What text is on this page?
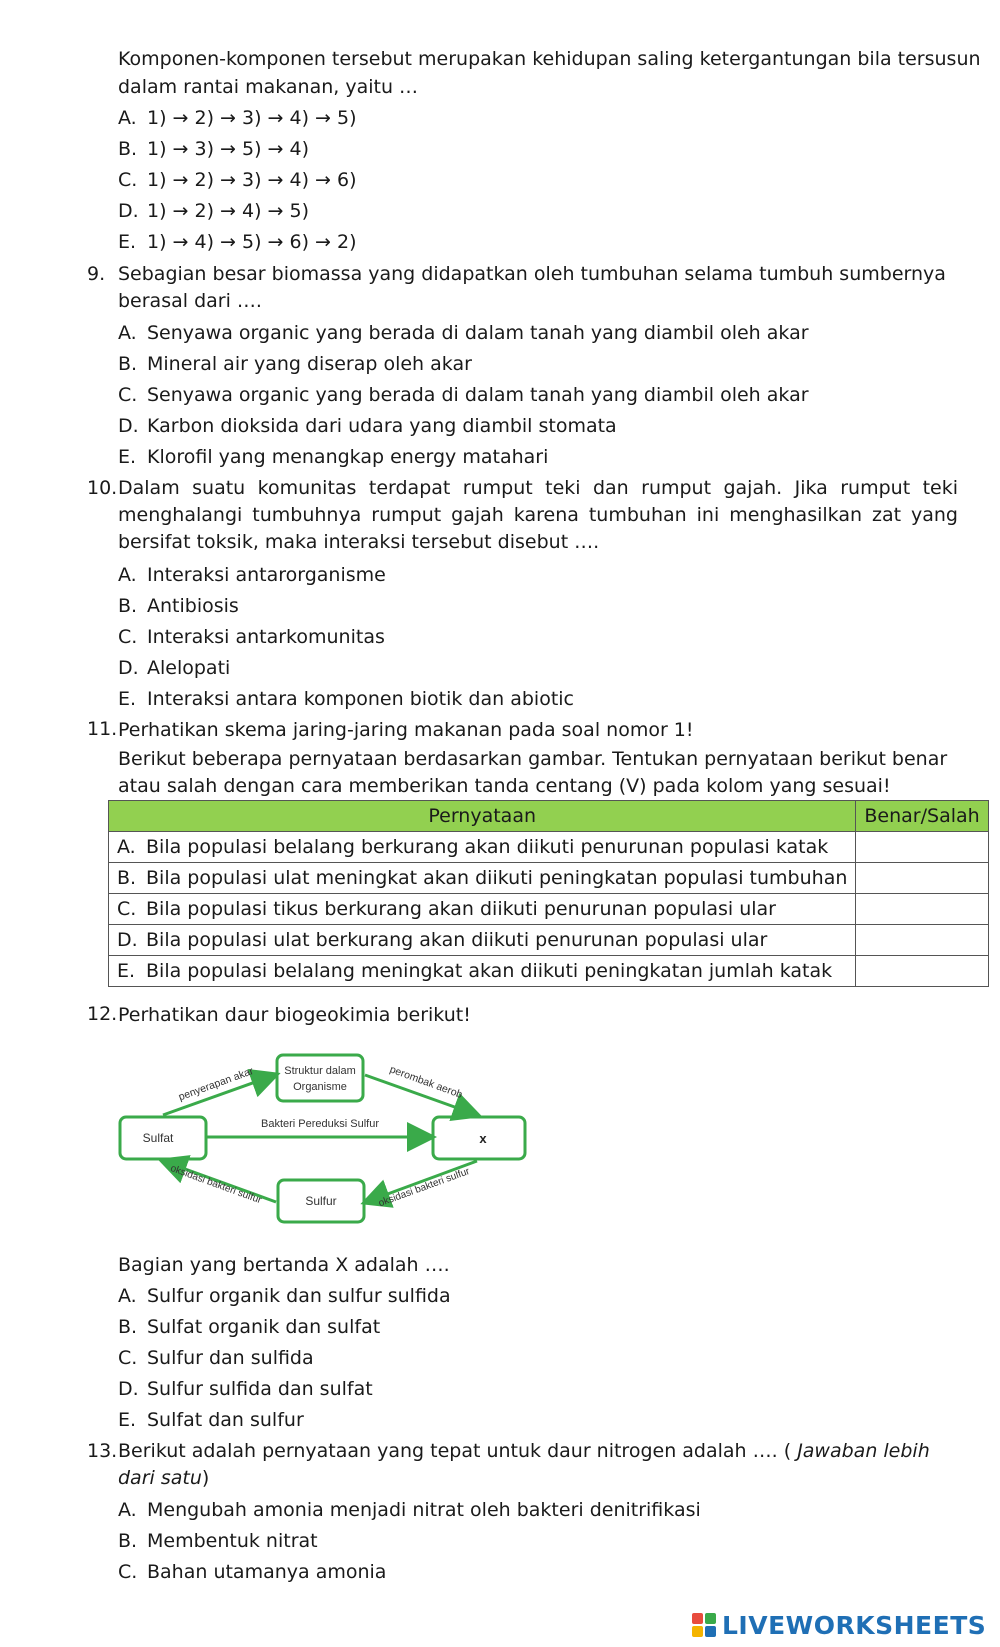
Komponen-komponen tersebut merupakan kehidupan saling ketergantungan bila tersusun
dalam rantai makanan, yaitu …
A. 1) → 2) → 3) → 4) → 5)
B. 1) → 3) → 5) → 4)
C. 1) → 2) → 3) → 4) → 6)
D. 1) → 2) → 4) → 5)
E. 1) → 4) → 5) → 6) → 2)
9. Sebagian besar biomassa yang didapatkan oleh tumbuhan selama tumbuh sumbernya berasal dari ….
A. Senyawa organic yang berada di dalam tanah yang diambil oleh akar
B. Mineral air yang diserap oleh akar
C. Senyawa organic yang berada di dalam tanah yang diambil oleh akar
D. Karbon dioksida dari udara yang diambil stomata
E. Klorofil yang menangkap energy matahari
10. Dalam suatu komunitas terdapat rumput teki dan rumput gajah. Jika rumput teki menghalangi tumbuhnya rumput gajah karena tumbuhan ini menghasilkan zat yang bersifat toksik, maka interaksi tersebut disebut ….
A. Interaksi antarorganisme
B. Antibiosis
C. Interaksi antarkomunitas
D. Alelopati
E. Interaksi antara komponen biotik dan abiotic
11. Perhatikan skema jaring-jaring makanan pada soal nomor 1!
Berikut beberapa pernyataan berdasarkan gambar. Tentukan pernyataan berikut benar atau salah dengan cara memberikan tanda centang (V) pada kolom yang sesuai!
Pernyataan	Benar/Salah
A. Bila populasi belalang berkurang akan diikuti penurunan populasi katak	
B. Bila populasi ulat meningkat akan diikuti peningkatan populasi tumbuhan	
C. Bila populasi tikus berkurang akan diikuti penurunan populasi ular	
D. Bila populasi ulat berkurang akan diikuti penurunan populasi ular	
E. Bila populasi belalang meningkat akan diikuti peningkatan jumlah katak	
12. Perhatikan daur biogeokimia berikut!
Struktur dalam
Organisme
Sulfat	x
Sulfur
Bakteri Pereduksi Sulfur
penyerapan akar	perombak aerob
oksidasi bakteri sulfur	oksidasi bakteri sulfur
Bagian yang bertanda X adalah ….
A. Sulfur organik dan sulfur sulfida
B. Sulfat organik dan sulfat
C. Sulfur dan sulfida
D. Sulfur sulfida dan sulfat
E. Sulfat dan sulfur
13. Berikut adalah pernyataan yang tepat untuk daur nitrogen adalah …. ( Jawaban lebih dari satu)
A. Mengubah amonia menjadi nitrat oleh bakteri denitrifikasi
B. Membentuk nitrat
C. Bahan utamanya amonia
LIVEWORKSHEETS
